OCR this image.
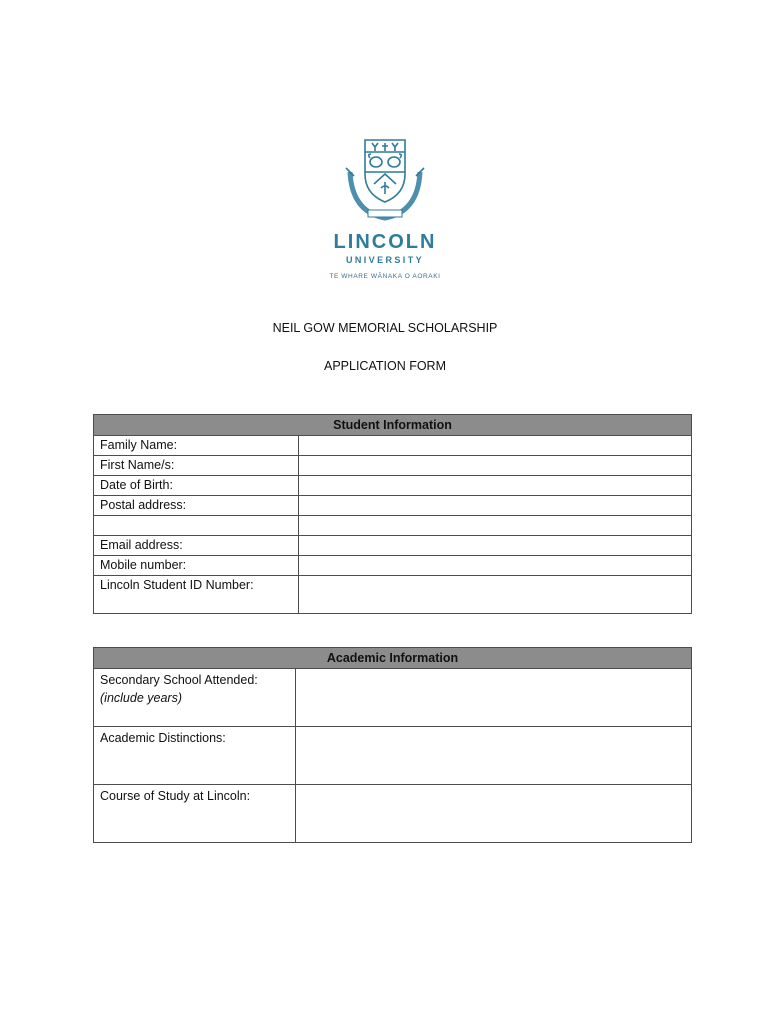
LINCOLN
UNIVERSITY
TE WHARE WĀNAKA O AORAKI
NEIL GOW MEMORIAL SCHOLARSHIP
APPLICATION FORM
Student Information	
Family Name:	
First Name/s:	
Date of Birth:	
Postal address:	

Email address:	
Mobile number:	
Lincoln Student ID Number:	
Academic Information	
Secondary School Attended:
(include years)	

Academic Distinctions:	
Course of Study at Lincoln:	
